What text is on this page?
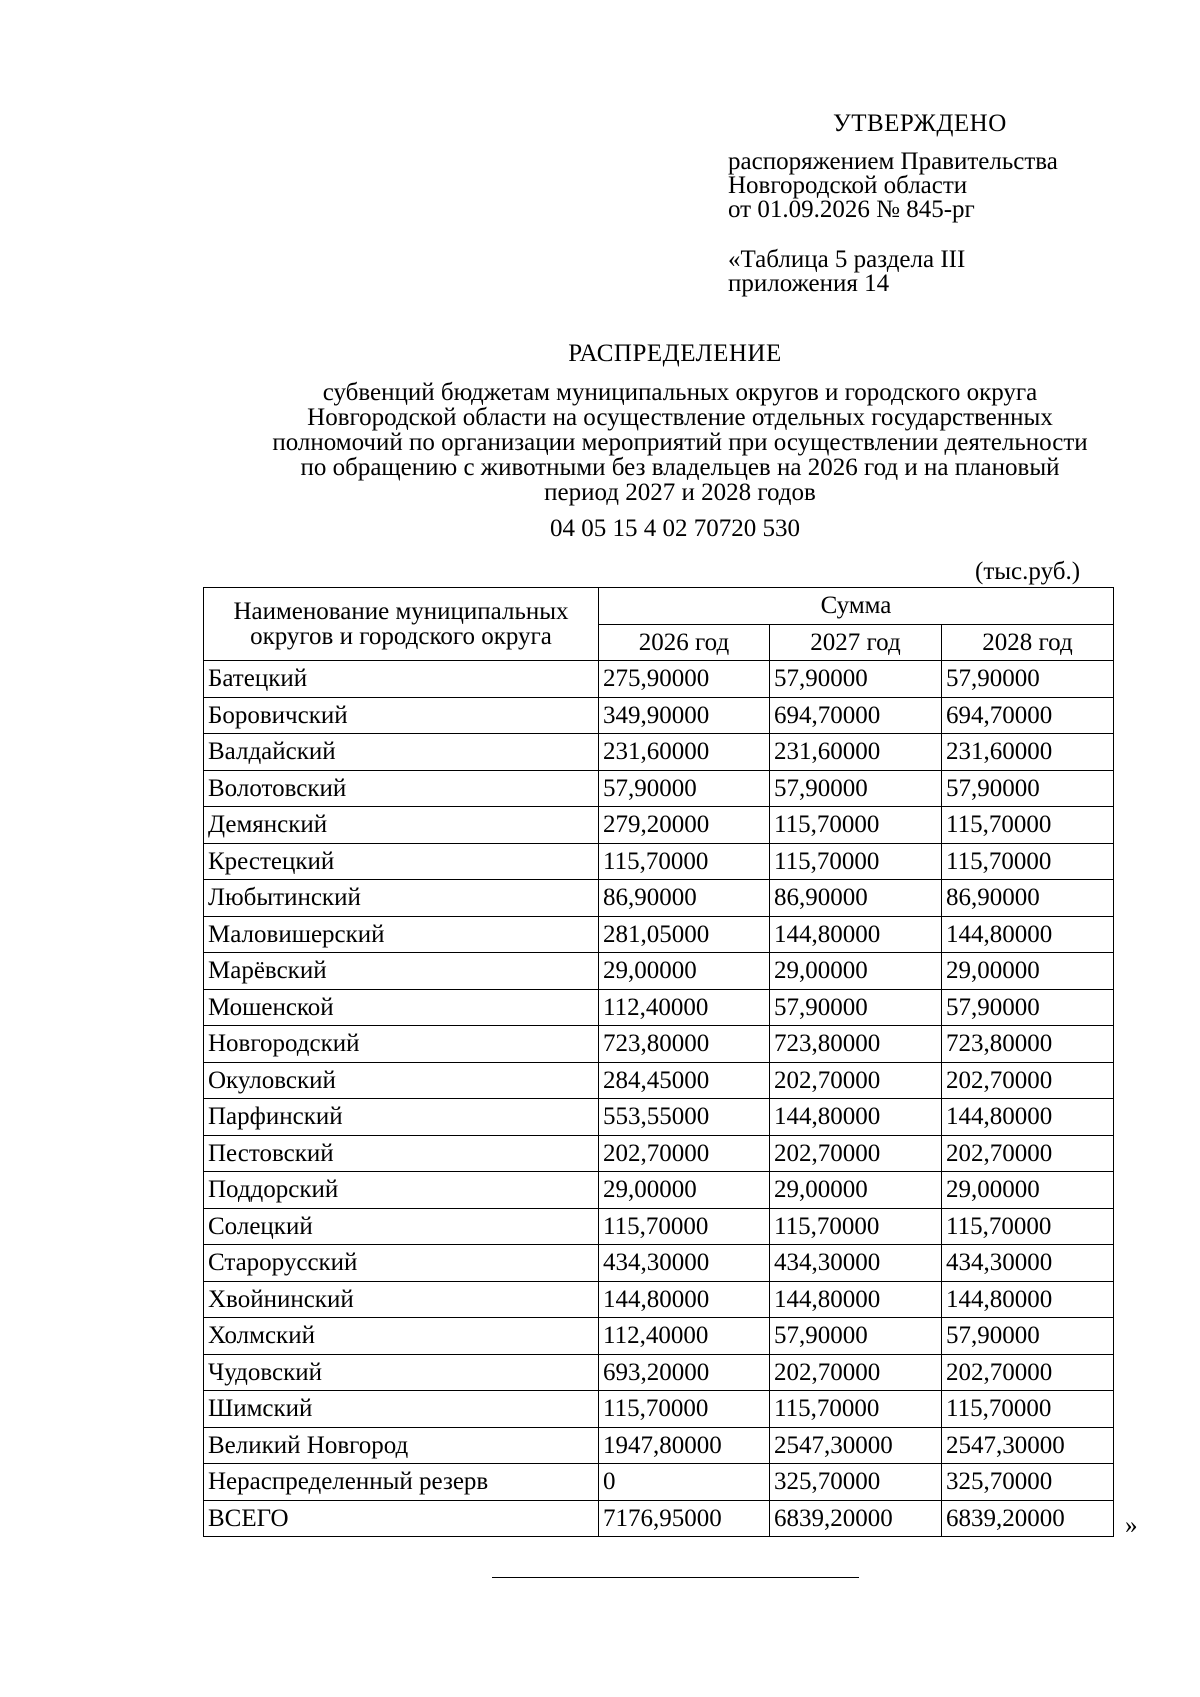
УТВЕРЖДЕНО
распоряжением Правительства
Новгородской области
от 01.09.2026 № 845-рг
«Таблица 5 раздела III
приложения 14
РАСПРЕДЕЛЕНИЕ
субвенций бюджетам муниципальных округов и городского округа
Новгородской области на осуществление отдельных государственных
полномочий по организации мероприятий при осуществлении деятельности
по обращению с животными без владельцев на 2026 год и на плановый
период 2027 и 2028 годов
04 05 15 4 02 70720 530
(тыс.руб.)
Наименование муниципальных
округов и городского округа	Сумма		
	2026 год	2027 год	2028 год
Батецкий	275,90000	57,90000	57,90000
Боровичский	349,90000	694,70000	694,70000
Валдайский	231,60000	231,60000	231,60000
Волотовский	57,90000	57,90000	57,90000
Демянский	279,20000	115,70000	115,70000
Крестецкий	115,70000	115,70000	115,70000
Любытинский	86,90000	86,90000	86,90000
Маловишерский	281,05000	144,80000	144,80000
Марёвский	29,00000	29,00000	29,00000
Мошенской	112,40000	57,90000	57,90000
Новгородский	723,80000	723,80000	723,80000
Окуловский	284,45000	202,70000	202,70000
Парфинский	553,55000	144,80000	144,80000
Пестовский	202,70000	202,70000	202,70000
Поддорский	29,00000	29,00000	29,00000
Солецкий	115,70000	115,70000	115,70000
Старорусский	434,30000	434,30000	434,30000
Хвойнинский	144,80000	144,80000	144,80000
Холмский	112,40000	57,90000	57,90000
Чудовский	693,20000	202,70000	202,70000
Шимский	115,70000	115,70000	115,70000
Великий Новгород	1947,80000	2547,30000	2547,30000
Нераспределенный резерв	0	325,70000	325,70000
ВСЕГО	7176,95000	6839,20000	6839,20000 »
